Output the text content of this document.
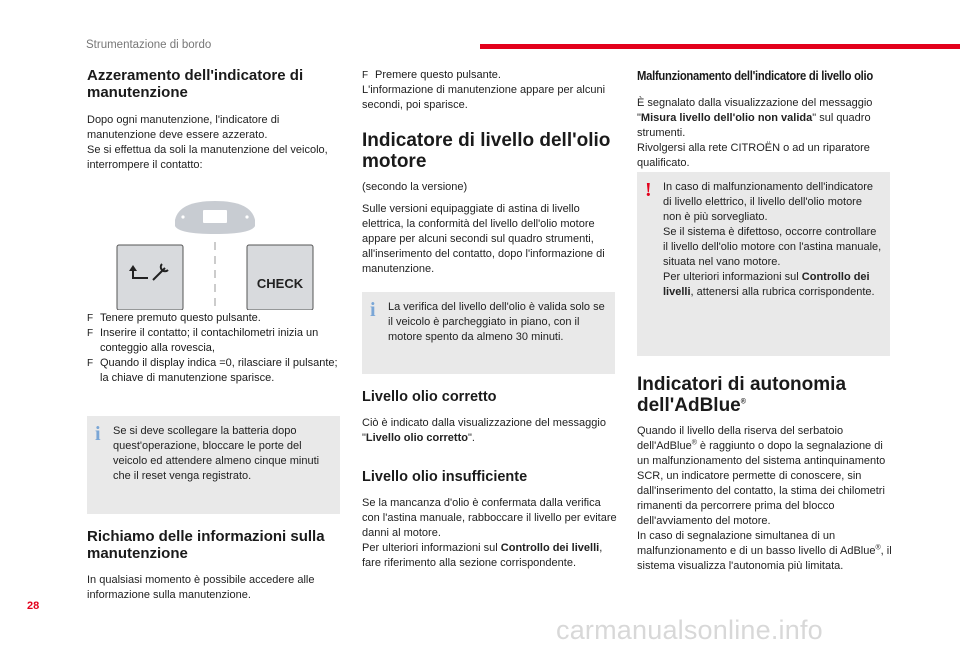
Strumentazione di bordo
Azzeramento dell'indicatore di manutenzione

Dopo ogni manutenzione, l'indicatore di manutenzione deve essere azzerato.

Se si effettua da soli la manutenzione del veicolo, interrompere il contatto:

CHECK
F Tenere premuto questo pulsante.
F Inserire il contatto; il contachilometri inizia un conteggio alla rovescia,
F Quando il display indica =0, rilasciare il pulsante; la chiave di manutenzione sparisce.
i	Se si deve scollegare la batteria dopo quest'operazione, bloccare le porte del veicolo ed attendere almeno cinque minuti che il reset venga registrato.

Richiamo delle informazioni sulla manutenzione

In qualsiasi momento è possibile accedere alle informazione sulla manutenzione.

F Premere questo pulsante.

L'informazione di manutenzione appare per alcuni secondi, poi sparisce.

Indicatore di livello dell'olio motore

(secondo la versione)

Sulle versioni equipaggiate di astina di livello elettrica, la conformità del livello dell'olio motore appare per alcuni secondi sul quadro strumenti, all'inserimento del contatto, dopo l'informazione di manutenzione.

i	La verifica del livello dell'olio è valida solo se il veicolo è parcheggiato in piano, con il motore spento da almeno 30 minuti.

Livello olio corretto

Ciò è indicato dalla visualizzazione del messaggio "Livello olio corretto".

Livello olio insufficiente

Se la mancanza d'olio è confermata dalla verifica con l'astina manuale, rabboccare il livello per evitare danni al motore.
Per ulteriori informazioni sul Controllo dei livelli, fare riferimento alla sezione corrispondente.

Malfunzionamento dell'indicatore di livello olio

È segnalato dalla visualizzazione del messaggio "Misura livello dell'olio non valida" sul quadro strumenti.
Rivolgersi alla rete CITROËN o ad un riparatore qualificato.

!	In caso di malfunzionamento dell'indicatore di livello elettrico, il livello dell'olio motore non è più sorvegliato.
Se il sistema è difettoso, occorre controllare il livello dell'olio motore con l'astina manuale, situata nel vano motore.
Per ulteriori informazioni sul Controllo dei livelli, attenersi alla rubrica corrispondente.

Indicatori di autonomia dell'AdBlue®

Quando il livello della riserva del serbatoio dell'AdBlue® è raggiunto o dopo la segnalazione di un malfunzionamento del sistema antinquinamento SCR, un indicatore permette di conoscere, sin dall'inserimento del contatto, la stima dei chilometri rimanenti da percorrere prima del blocco dell'avviamento del motore.
In caso di segnalazione simultanea di un malfunzionamento e di un basso livello di AdBlue®, il sistema visualizza l'autonomia più limitata.

28
carmanualsonline.info
